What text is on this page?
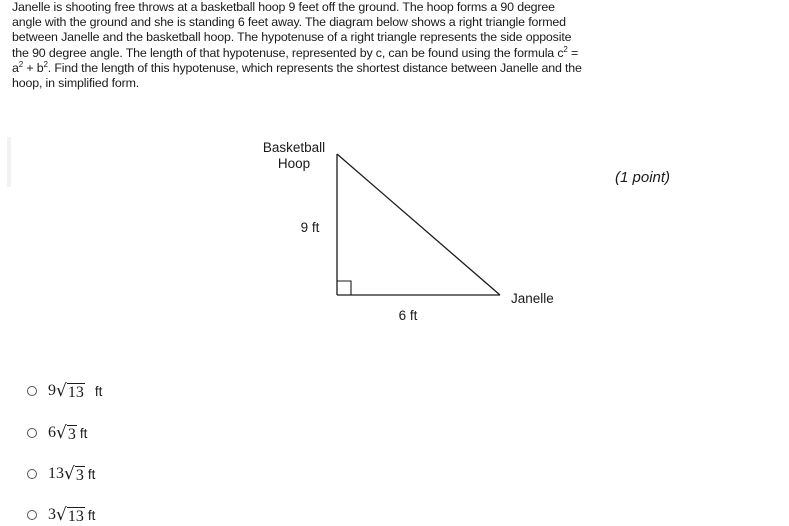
Janelle is shooting free throws at a basketball hoop 9 feet off the ground. The hoop forms a 90 degree angle with the ground and she is standing 6 feet away. The diagram below shows a right triangle formed between Janelle and the basketball hoop. The hypotenuse of a right triangle represents the side opposite the 90 degree angle. The length of that hypotenuse, represented by c, can be found using the formula $c^2 = a^2 + b^2$. Find the length of this hypotenuse, which represents the shortest distance between Janelle and the hoop, in simplified form.

(1 point)
Basketball
Hoop
9 ft
6 ft
Janelle
9 √ 13 ft
6 √ 3 ft
13 √ 3 ft
3 √ 13 ft
